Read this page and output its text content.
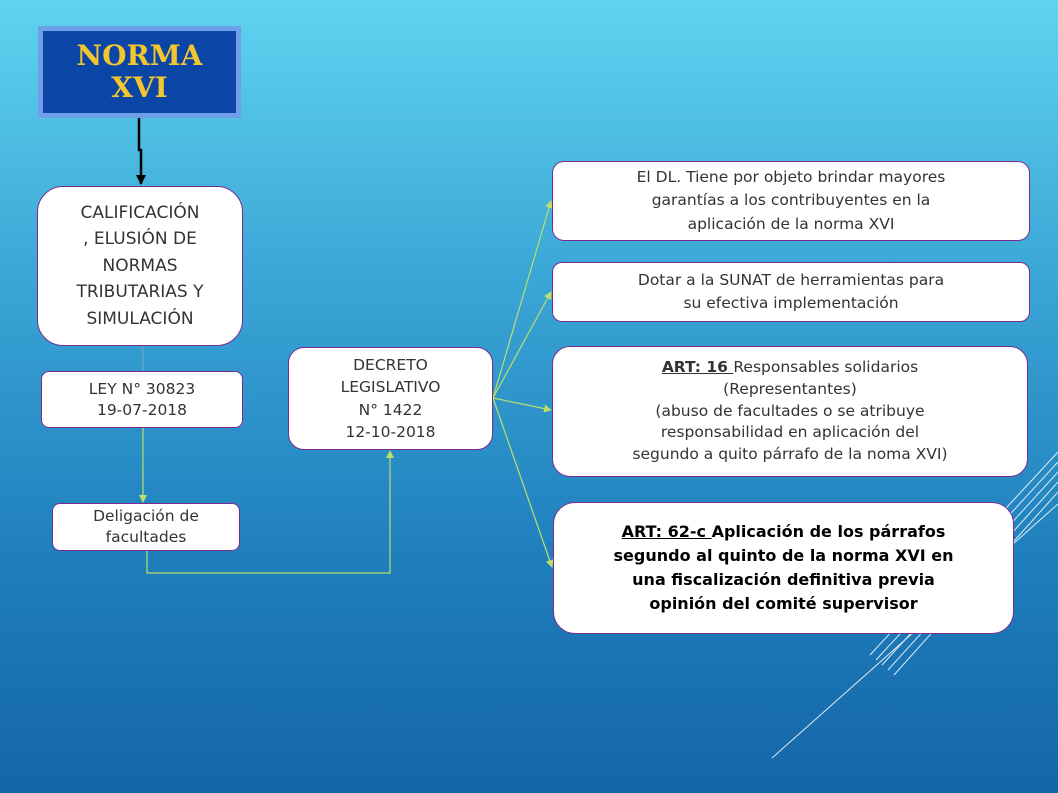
NORMA
XVI
CALIFICACIÓN
, ELUSIÓN DE
NORMAS
TRIBUTARIAS Y
SIMULACIÓN
LEY N° 30823
19-07-2018
Deligación de
facultades
DECRETO
LEGISLATIVO
N° 1422
12-10-2018
El DL. Tiene por objeto brindar mayores
garantías a los contribuyentes en la
aplicación de la norma XVI
Dotar a la SUNAT de herramientas para
su efectiva implementación
ART: 16 Responsables solidarios
(Representantes)
(abuso de facultades o se atribuye
responsabilidad en aplicación del
segundo a quito párrafo de la noma XVI)
ART: 62-c Aplicación de los párrafos
segundo al quinto de la norma XVI en
una fiscalización definitiva previa
opinión del comité supervisor
